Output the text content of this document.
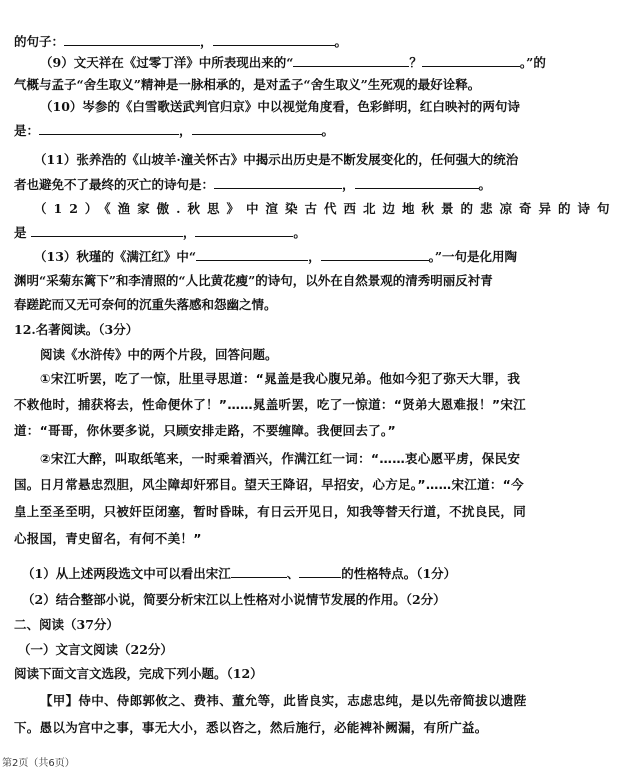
的句子：	，	。
（9）文天祥在《过零丁洋》中所表现出来的“	？	。”的
气概与孟子“舍生取义”精神是一脉相承的，是对孟子“舍生取义”生死观的最好诠释。
（10）岑参的《白雪歌送武判官归京》中以视觉角度看，色彩鲜明，红白映衬的两句诗
是：	，	。
（11）张养浩的《山坡羊·潼关怀古》中揭示出历史是不断发展变化的，任何强大的统治
者也避免不了最终的灭亡的诗句是：	，	。
（12）《渔家傲.秋思》中渲染古代西北边地秋景的悲凉奇异的诗句
是	，	。
（13）秋瑾的《满江红》中“	，	。”一句是化用陶
渊明“采菊东篱下”和李清照的“人比黄花瘦”的诗句，以外在自然景观的清秀明丽反衬青
春蹉跎而又无可奈何的沉重失落感和怨幽之情。
12.名著阅读。（3分）
阅读《水浒传》中的两个片段，回答问题。
①宋江听罢，吃了一惊，肚里寻思道：“晁盖是我心腹兄弟。他如今犯了弥天大罪，我
不救他时，捕获将去，性命便休了！”……晁盖听罢，吃了一惊道：“贤弟大恩难报！”宋江
道：“哥哥，你休要多说，只顾安排走路，不要缠障。我便回去了。”
②宋江大醉，叫取纸笔来，一时乘着酒兴，作满江红一词：“……衷心愿平虏，保民安
国。日月常悬忠烈胆，风尘障却奸邪目。望天王降诏，早招安，心方足。”……宋江道：“今
皇上至圣至明，只被奸臣闭塞，暂时昏昧，有日云开见日，知我等替天行道，不扰良民，同
心报国，青史留名，有何不美！”
（1）从上述两段选文中可以看出宋江	、	的性格特点。（1分）
（2）结合整部小说，简要分析宋江以上性格对小说情节发展的作用。（2分）
二、阅读（37分）
（一）文言文阅读（22分）
阅读下面文言文选段，完成下列小题。（12）
【甲】侍中、侍郎郭攸之、费祎、董允等，此皆良实，志虑忠纯，是以先帝简拔以遗陛
下。愚以为宫中之事，事无大小，悉以咨之，然后施行，必能裨补阙漏，有所广益。
第2页（共6页）
